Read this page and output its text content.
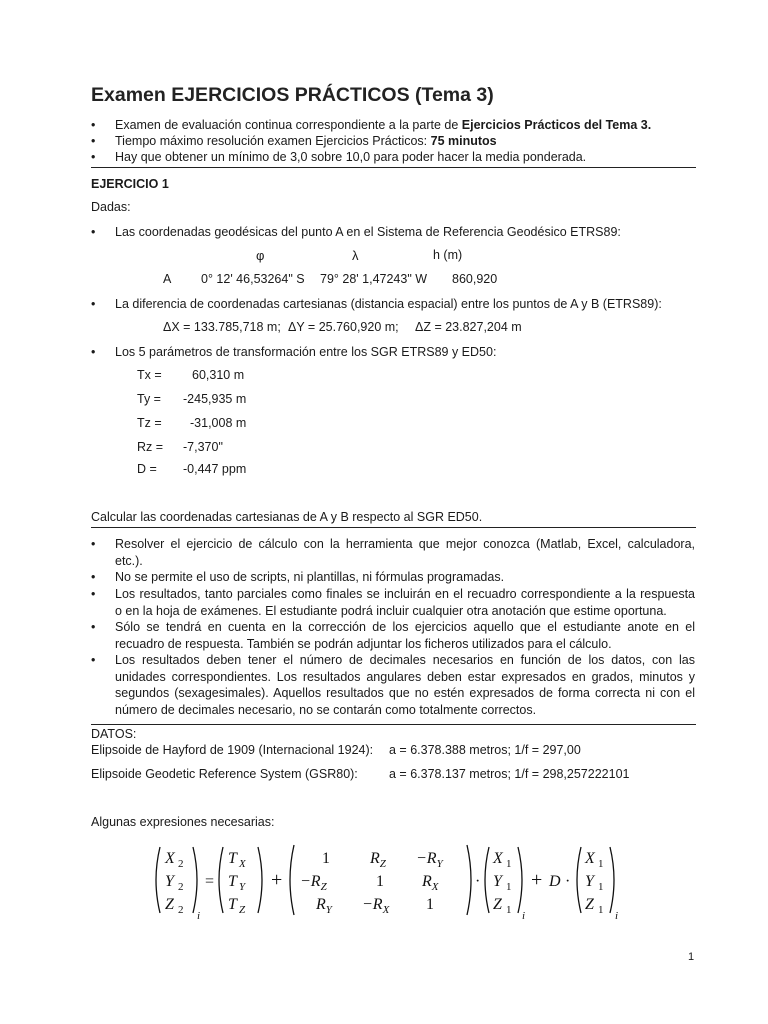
Examen EJERCICIOS PRÁCTICOS (Tema 3)
• Examen de evaluación continua correspondiente a la parte de Ejercicios Prácticos del Tema 3.
• Tiempo máximo resolución examen Ejercicios Prácticos: 75 minutos
• Hay que obtener un mínimo de 3,0 sobre 10,0 para poder hacer la media ponderada.
EJERCICIO 1
Dadas:
• Las coordenadas geodésicas del punto A en el Sistema de Referencia Geodésico ETRS89:
φ	λ	h (m)
A 0° 12' 46,53264" S 79° 28' 1,47243" W 860,920
• La diferencia de coordenadas cartesianas (distancia espacial) entre los puntos de A y B (ETRS89):
ΔX = 133.785,718 m; ΔY = 25.760,920 m; ΔZ = 23.827,204 m
• Los 5 parámetros de transformación entre los SGR ETRS89 y ED50:
Tx = 60,310 m
Ty = -245,935 m
Tz = -31,008 m
Rz = -7,370"
D = -0,447 ppm
Calcular las coordenadas cartesianas de A y B respecto al SGR ED50.
• Resolver el ejercicio de cálculo con la herramienta que mejor conozca (Matlab, Excel, calculadora,
etc.).
• No se permite el uso de scripts, ni plantillas, ni fórmulas programadas.
• Los resultados, tanto parciales como finales se incluirán en el recuadro correspondiente a la respuesta
o en la hoja de exámenes. El estudiante podrá incluir cualquier otra anotación que estime oportuna.
• Sólo se tendrá en cuenta en la corrección de los ejercicios aquello que el estudiante anote en el
recuadro de respuesta. También se podrán adjuntar los ficheros utilizados para el cálculo.
• Los resultados deben tener el número de decimales necesarios en función de los datos, con las
unidades correspondientes. Los resultados angulares deben estar expresados en grados, minutos y
segundos (sexagesimales). Aquellos resultados que no estén expresados de forma correcta ni con el
número de decimales necesario, no se contarán como totalmente correctos.
DATOS:
Elipsoide de Hayford de 1909 (Internacional 1924): a = 6.378.388 metros; 1/f = 297,00
Elipsoide Geodetic Reference System (GSR80): a = 6.378.137 metros; 1/f = 298,257222101
Algunas expresiones necesarias:
X 2
Y 2
Z 2 i
=
T X
T Y
T Z
+
1	$R_Z -R_Y$
$-R_Z$	1 $R_X$
$R_Y -R_X$ 1
·
X 1
Y 1
Z 1 i
+ D ·
X 1
Y 1
Z 1 i
1
